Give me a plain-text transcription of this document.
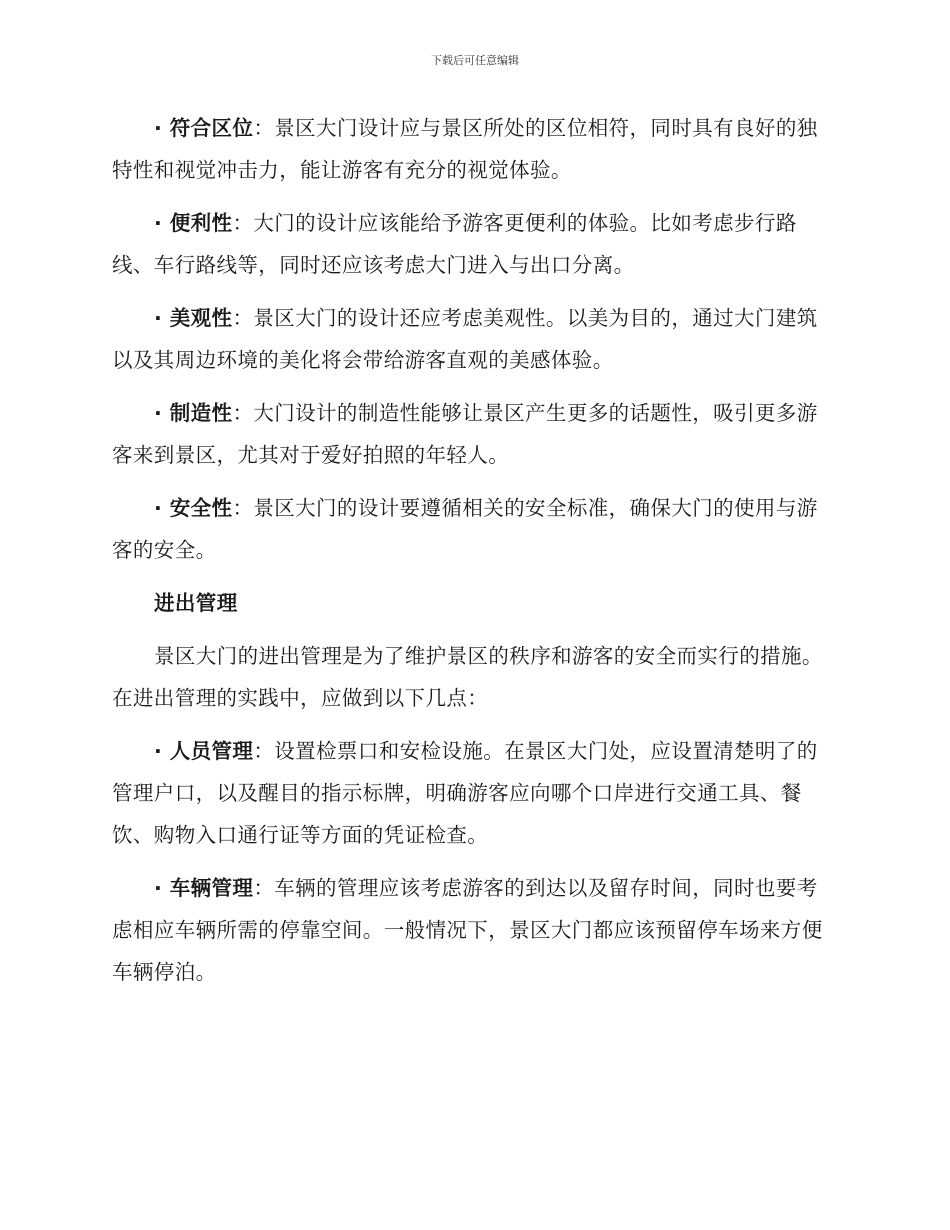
下载后可任意编辑

· 符合区位：景区大门设计应与景区所处的区位相符，同时具有良好的独特性和视觉冲击力，能让游客有充分的视觉体验。

· 便利性：大门的设计应该能给予游客更便利的体验。比如考虑步行路线、车行路线等，同时还应该考虑大门进入与出口分离。

· 美观性：景区大门的设计还应考虑美观性。以美为目的，通过大门建筑以及其周边环境的美化将会带给游客直观的美感体验。

· 制造性：大门设计的制造性能够让景区产生更多的话题性，吸引更多游客来到景区，尤其对于爱好拍照的年轻人。

· 安全性：景区大门的设计要遵循相关的安全标准，确保大门的使用与游客的安全。

进出管理

景区大门的进出管理是为了维护景区的秩序和游客的安全而实行的措施。在进出管理的实践中，应做到以下几点：

· 人员管理：设置检票口和安检设施。在景区大门处，应设置清楚明了的管理户口，以及醒目的指示标牌，明确游客应向哪个口岸进行交通工具、餐饮、购物入口通行证等方面的凭证检查。

· 车辆管理：车辆的管理应该考虑游客的到达以及留存时间，同时也要考虑相应车辆所需的停靠空间。一般情况下，景区大门都应该预留停车场来方便车辆停泊。
